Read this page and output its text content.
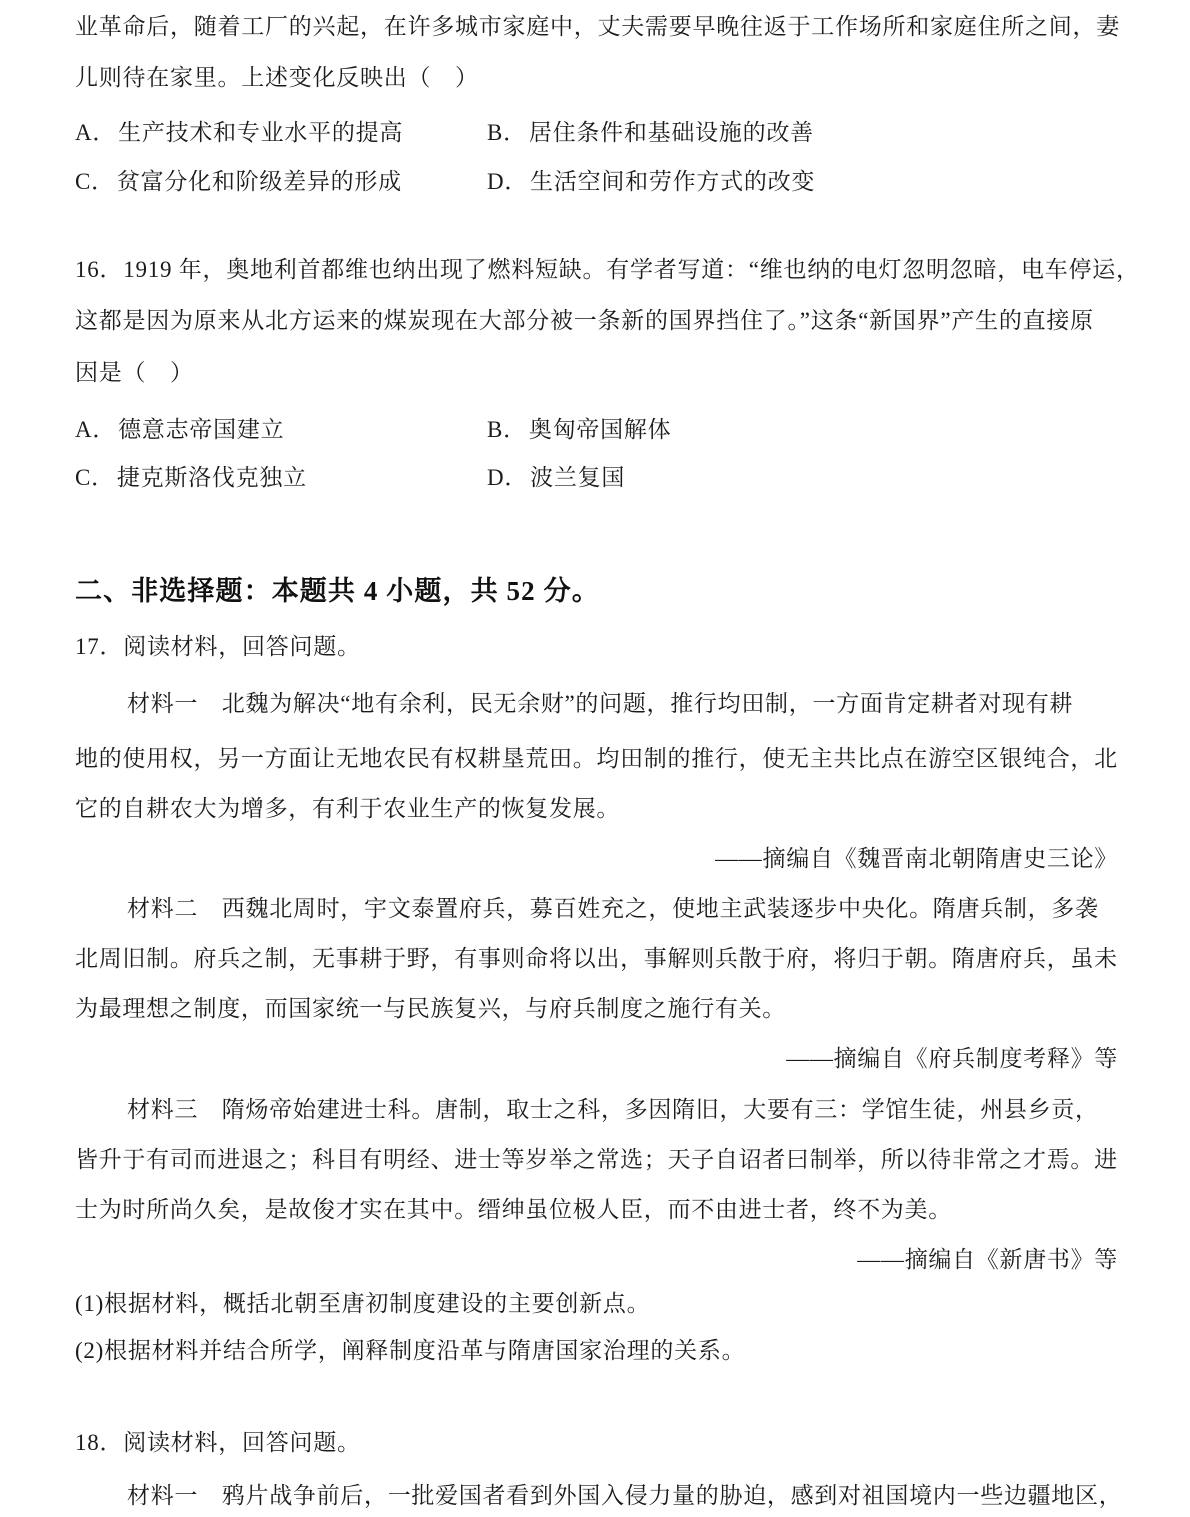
业革命后，随着工厂的兴起，在许多城市家庭中，丈夫需要早晚往返于工作场所和家庭住所之间，妻
儿则待在家里。上述变化反映出（　）
A．生产技术和专业水平的提高	B．居住条件和基础设施的改善
C．贫富分化和阶级差异的形成	D．生活空间和劳作方式的改变
16．1919 年，奥地利首都维也纳出现了燃料短缺。有学者写道：“维也纳的电灯忽明忽暗，电车停运，
这都是因为原来从北方运来的煤炭现在大部分被一条新的国界挡住了。”这条“新国界”产生的直接原
因是（　）
A．德意志帝国建立	B．奥匈帝国解体
C．捷克斯洛伐克独立	D．波兰复国
二、非选择题：本题共 4 小题，共 52 分。
17．阅读材料，回答问题。
材料一　北魏为解决“地有余利，民无余财”的问题，推行均田制，一方面肯定耕者对现有耕
地的使用权，另一方面让无地农民有权耕垦荒田。均田制的推行，使无主共比点在游空区银纯合，北
它的自耕农大为增多，有利于农业生产的恢复发展。
——摘编自《魏晋南北朝隋唐史三论》
材料二　西魏北周时，宇文泰置府兵，募百姓充之，使地主武装逐步中央化。隋唐兵制，多袭
北周旧制。府兵之制，无事耕于野，有事则命将以出，事解则兵散于府，将归于朝。隋唐府兵，虽未
为最理想之制度，而国家统一与民族复兴，与府兵制度之施行有关。
——摘编自《府兵制度考释》等
材料三　隋炀帝始建进士科。唐制，取士之科，多因隋旧，大要有三：学馆生徒，州县乡贡，
皆升于有司而进退之；科目有明经、进士等岁举之常选；天子自诏者曰制举，所以待非常之才焉。进
士为时所尚久矣，是故俊才实在其中。缙绅虽位极人臣，而不由进士者，终不为美。
——摘编自《新唐书》等
(1)根据材料，概括北朝至唐初制度建设的主要创新点。
(2)根据材料并结合所学，阐释制度沿革与隋唐国家治理的关系。
18．阅读材料，回答问题。
材料一　鸦片战争前后，一批爱国者看到外国入侵力量的胁迫，感到对祖国境内一些边疆地区，
